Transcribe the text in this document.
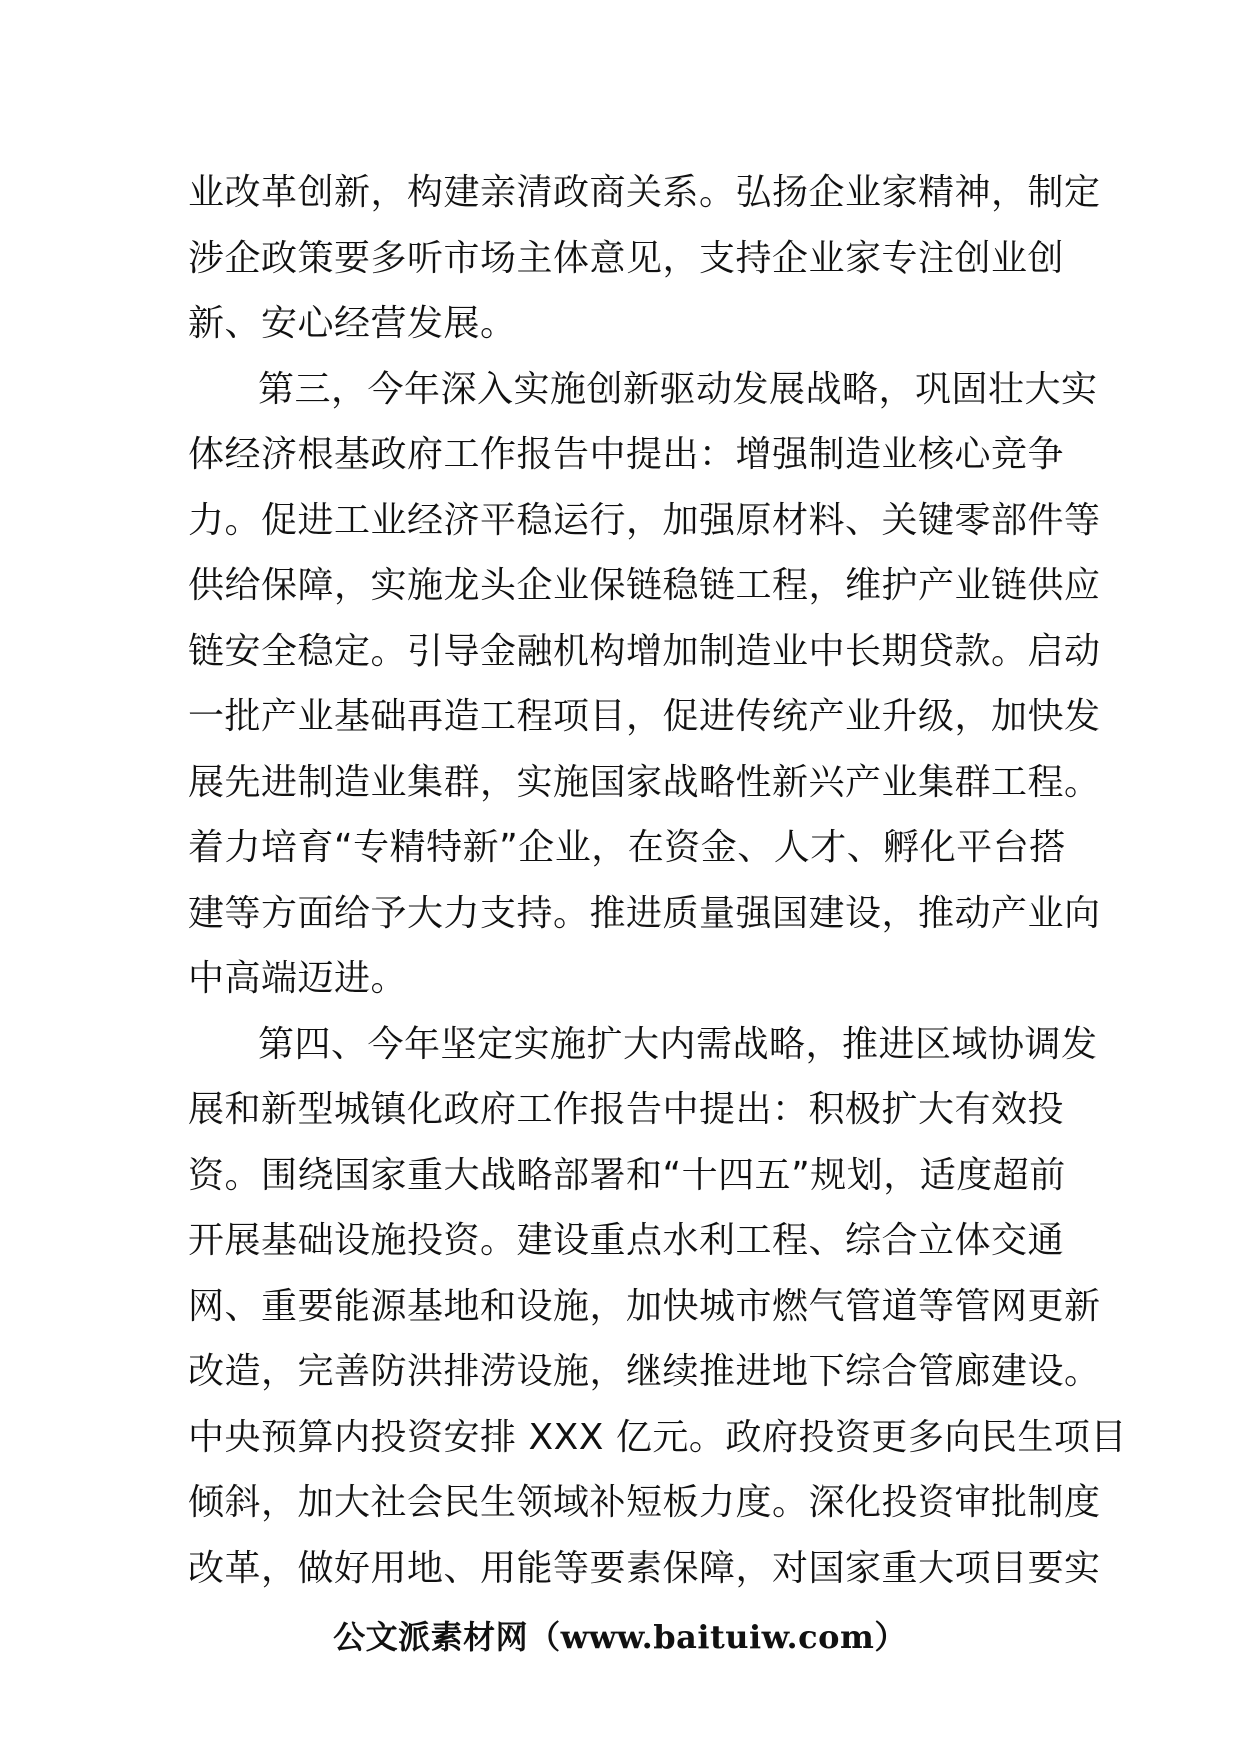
业改革创新，构建亲清政商关系。弘扬企业家精神，制定
涉企政策要多听市场主体意见，支持企业家专注创业创
新、安心经营发展。
第三，今年深入实施创新驱动发展战略，巩固壮大实
体经济根基政府工作报告中提出：增强制造业核心竞争
力。促进工业经济平稳运行，加强原材料、关键零部件等
供给保障，实施龙头企业保链稳链工程，维护产业链供应
链安全稳定。引导金融机构增加制造业中长期贷款。启动
一批产业基础再造工程项目，促进传统产业升级，加快发
展先进制造业集群，实施国家战略性新兴产业集群工程。
着力培育“专精特新”企业，在资金、人才、孵化平台搭
建等方面给予大力支持。推进质量强国建设，推动产业向
中高端迈进。
第四、今年坚定实施扩大内需战略，推进区域协调发
展和新型城镇化政府工作报告中提出：积极扩大有效投
资。围绕国家重大战略部署和“十四五”规划，适度超前
开展基础设施投资。建设重点水利工程、综合立体交通
网、重要能源基地和设施，加快城市燃气管道等管网更新
改造，完善防洪排涝设施，继续推进地下综合管廊建设。
中央预算内投资安排 XXX 亿元。政府投资更多向民生项目
倾斜，加大社会民生领域补短板力度。深化投资审批制度
改革，做好用地、用能等要素保障，对国家重大项目要实
公文派素材网（www.baituiw.com）
